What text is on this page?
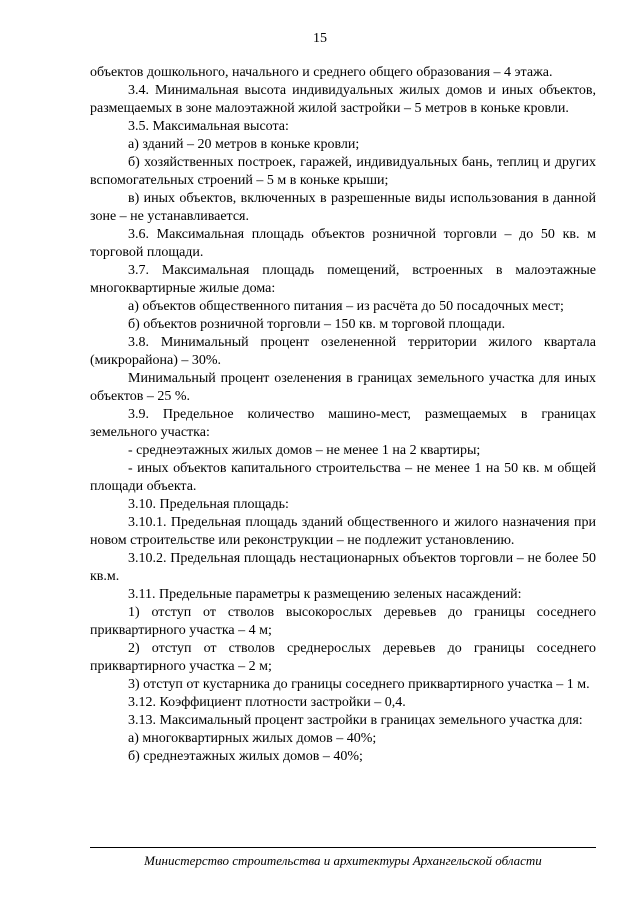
15

объектов дошкольного, начального и среднего общего образования – 4 этажа.

3.4. Минимальная высота индивидуальных жилых домов и иных объектов, размещаемых в зоне малоэтажной жилой застройки – 5 метров в коньке кровли.

3.5. Максимальная высота:

а) зданий – 20 метров в коньке кровли;

б) хозяйственных построек, гаражей, индивидуальных бань, теплиц и других вспомогательных строений – 5 м в коньке крыши;

в) иных объектов, включенных в разрешенные виды использования в данной зоне – не устанавливается.

3.6. Максимальная площадь объектов розничной торговли – до 50 кв. м торговой площади.

3.7. Максимальная площадь помещений, встроенных в малоэтажные многоквартирные жилые дома:

а) объектов общественного питания – из расчёта до 50 посадочных мест;

б) объектов розничной торговли – 150 кв. м торговой площади.

3.8. Минимальный процент озелененной территории жилого квартала (микрорайона) – 30%.

Минимальный процент озеленения в границах земельного участка для иных объектов – 25 %.

3.9. Предельное количество машино-мест, размещаемых в границах земельного участка:

- среднеэтажных жилых домов – не менее 1 на 2 квартиры;

- иных объектов капитального строительства – не менее 1 на 50 кв. м общей площади объекта.

3.10. Предельная площадь:

3.10.1. Предельная площадь зданий общественного и жилого назначения при новом строительстве или реконструкции – не подлежит установлению.

3.10.2. Предельная площадь нестационарных объектов торговли – не более 50 кв.м.

3.11. Предельные параметры к размещению зеленых насаждений:

1) отступ от стволов высокорослых деревьев до границы соседнего приквартирного участка – 4 м;

2) отступ от стволов среднерослых деревьев до границы соседнего приквартирного участка – 2 м;

3) отступ от кустарника до границы соседнего приквартирного участка – 1 м.

3.12. Коэффициент плотности застройки – 0,4.

3.13. Максимальный процент застройки в границах земельного участка для:

а) многоквартирных жилых домов – 40%;

б) среднеэтажных жилых домов – 40%;

Министерство строительства и архитектуры Архангельской области
